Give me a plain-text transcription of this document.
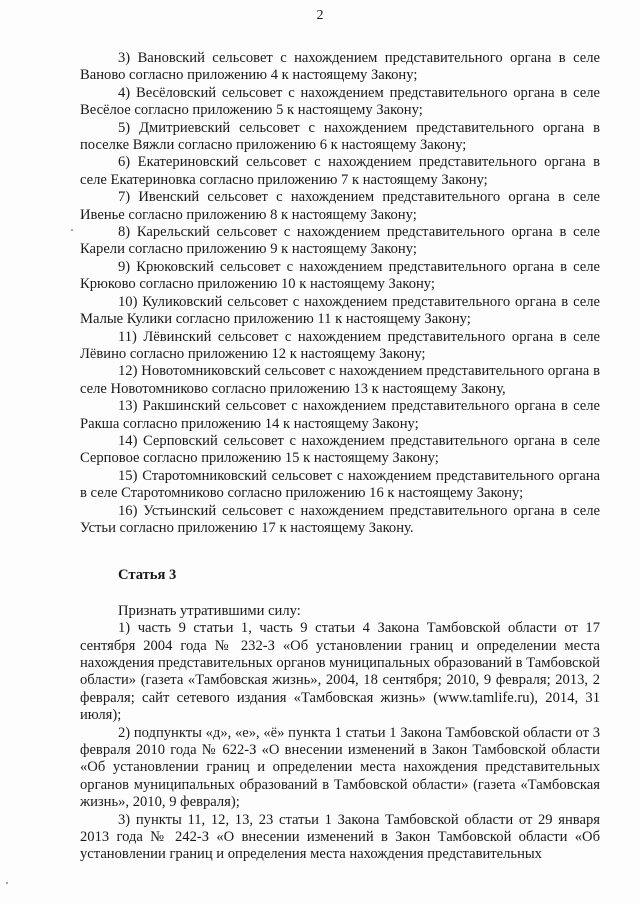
2

3) Вановский сельсовет с нахождением представительного органа в селе Ваново согласно приложению 4 к настоящему Закону;

4) Весёловский сельсовет с нахождением представительного органа в селе Весёлое согласно приложению 5 к настоящему Закону;

5) Дмитриевский сельсовет с нахождением представительного органа в поселке Вяжли согласно приложению 6 к настоящему Закону;

6) Екатериновский сельсовет с нахождением представительного органа в селе Екатериновка согласно приложению 7 к настоящему Закону;

7) Ивенский сельсовет с нахождением представительного органа в селе Ивенье согласно приложению 8 к настоящему Закону;

8) Карельский сельсовет с нахождением представительного органа в селе Карели согласно приложению 9 к настоящему Закону;

9) Крюковский сельсовет с нахождением представительного органа в селе Крюково согласно приложению 10 к настоящему Закону;

10) Куликовский сельсовет с нахождением представительного органа в селе Малые Кулики согласно приложению 11 к настоящему Закону;

11) Лёвинский сельсовет с нахождением представительного органа в селе Лёвино согласно приложению 12 к настоящему Закону;

12) Новотомниковский сельсовет с нахождением представительного органа в селе Новотомниково согласно приложению 13 к настоящему Закону,

13) Ракшинский сельсовет с нахождением представительного органа в селе Ракша согласно приложению 14 к настоящему Закону;

14) Серповский сельсовет с нахождением представительного органа в селе Серповое согласно приложению 15 к настоящему Закону;

15) Старотомниковский сельсовет с нахождением представительного органа в селе Старотомниково согласно приложению 16 к настоящему Закону;

16) Устьинский сельсовет с нахождением представительного органа в селе Устьи согласно приложению 17 к настоящему Закону.

Статья 3

Признать утратившими силу:

1) часть 9 статьи 1, часть 9 статьи 4 Закона Тамбовской области от 17 сентября 2004 года № 232-З «Об установлении границ и определении места нахождения представительных органов муниципальных образований в Тамбовской области» (газета «Тамбовская жизнь», 2004, 18 сентября; 2010, 9 февраля; 2013, 2 февраля; сайт сетевого издания «Тамбовская жизнь» (www.tamlife.ru), 2014, 31 июля);

2) подпункты «д», «е», «ё» пункта 1 статьи 1 Закона Тамбовской области от 3 февраля 2010 года № 622-З «О внесении изменений в Закон Тамбовской области «Об установлении границ и определении места нахождения представительных органов муниципальных образований в Тамбовской области» (газета «Тамбовская жизнь», 2010, 9 февраля);

3) пункты 11, 12, 13, 23 статьи 1 Закона Тамбовской области от 29 января 2013 года № 242-З «О внесении изменений в Закон Тамбовской области «Об установлении границ и определения места нахождения представительных
